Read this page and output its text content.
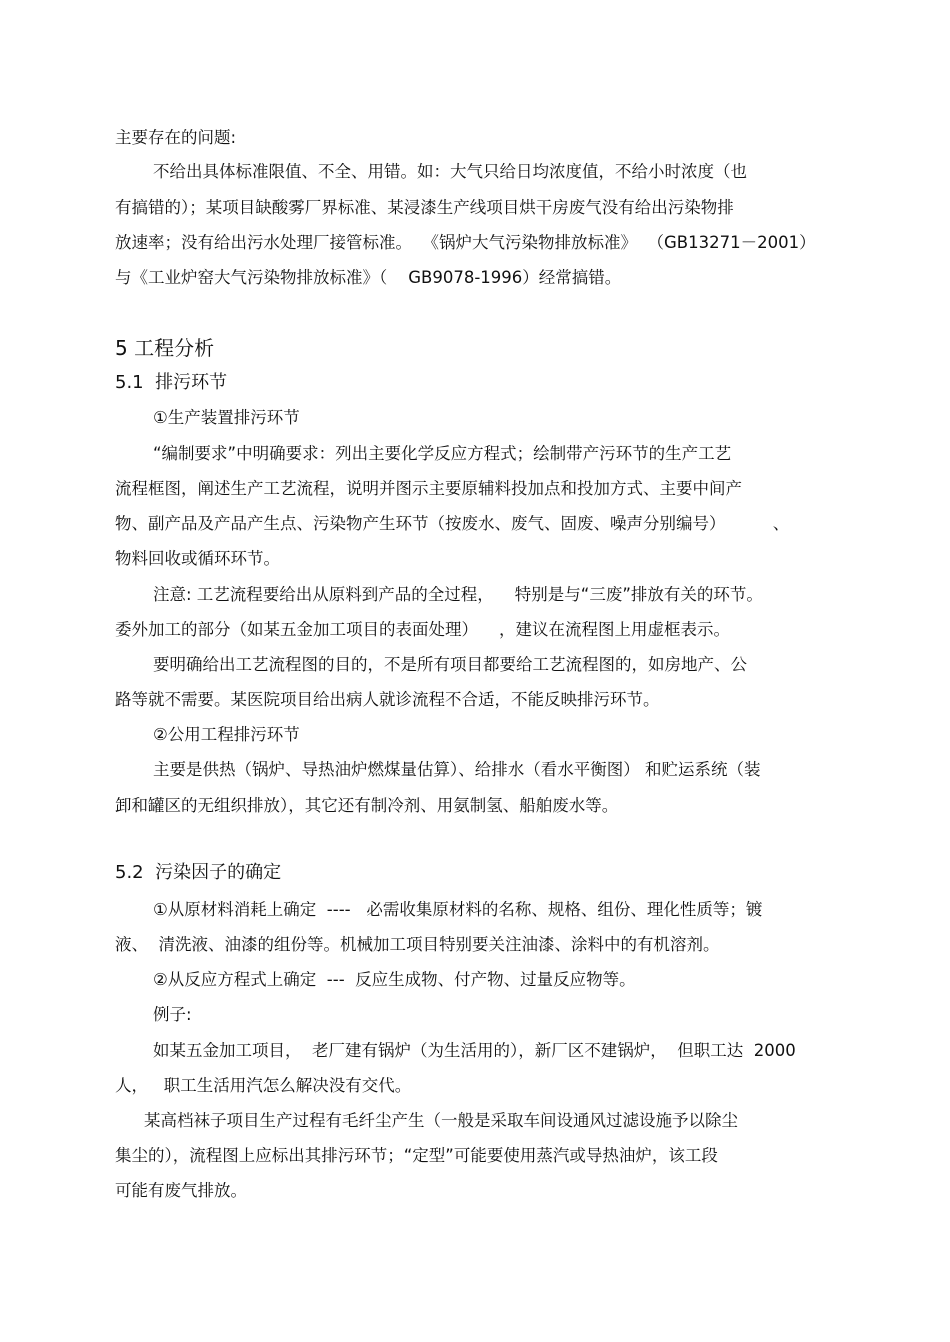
主要存在的问题:
不给出具体标准限值、不全、用错。如：大气只给日均浓度值，不给小时浓度（也
有搞错的）；某项目缺酸雾厂界标准、某浸漆生产线项目烘干房废气没有给出污染物排
放速率；没有给出污水处理厂接管标准。  《锅炉大气污染物排放标准》  （GB13271－2001）
与《工业炉窑大气污染物排放标准》（    GB9078-1996）经常搞错。
5 工程分析
5.1  排污环节
①生产装置排污环节
“编制要求”中明确要求：列出主要化学反应方程式；绘制带产污环节的生产工艺
流程框图，阐述生产工艺流程，说明并图示主要原辅料投加点和投加方式、主要中间产
物、副产品及产品产生点、污染物产生环节（按废水、废气、固废、噪声分别编号）         、
物料回收或循环环节。
注意: 工艺流程要给出从原料到产品的全过程，    特别是与“三废”排放有关的环节。
委外加工的部分（如某五金加工项目的表面处理）    ，建议在流程图上用虚框表示。
要明确给出工艺流程图的目的，不是所有项目都要给工艺流程图的，如房地产、公
路等就不需要。某医院项目给出病人就诊流程不合适，不能反映排污环节。
②公用工程排污环节
主要是供热（锅炉、导热油炉燃煤量估算）、给排水（看水平衡图） 和贮运系统（装
卸和罐区的无组织排放），其它还有制冷剂、用氨制氢、船舶废水等。
5.2  污染因子的确定
①从原材料消耗上确定  ----   必需收集原材料的名称、规格、组份、理化性质等；镀
液、  清洗液、油漆的组份等。机械加工项目特别要关注油漆、涂料中的有机溶剂。
②从反应方程式上确定  ---  反应生成物、付产物、过量反应物等。
例子:
如某五金加工项目，  老厂建有锅炉（为生活用的），新厂区不建锅炉，  但职工达  2000
人，   职工生活用汽怎么解决没有交代。
某高档袜子项目生产过程有毛纤尘产生（一般是采取车间设通风过滤设施予以除尘
集尘的），流程图上应标出其排污环节；“定型”可能要使用蒸汽或导热油炉，该工段
可能有废气排放。
